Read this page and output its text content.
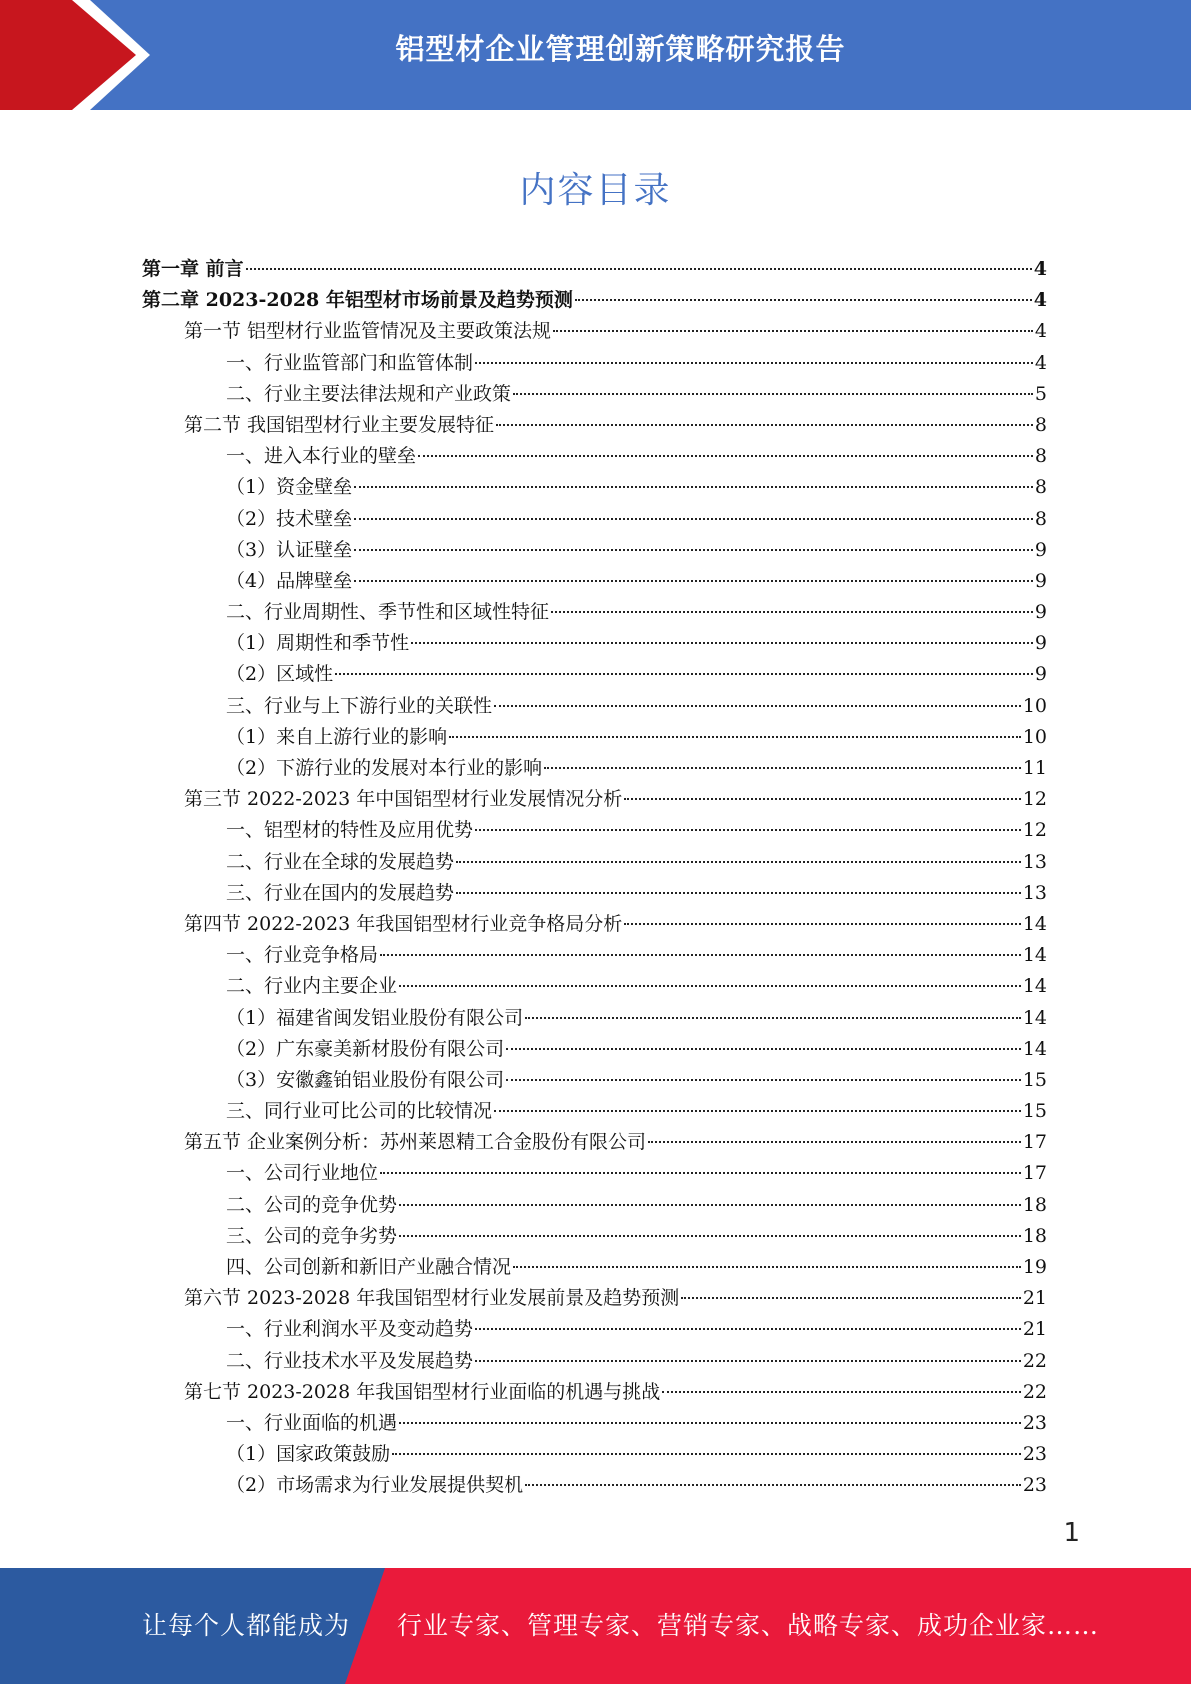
铝型材企业管理创新策略研究报告
内容目录
第一章 前言	4
第二章 2023-2028 年铝型材市场前景及趋势预测	4
第一节 铝型材行业监管情况及主要政策法规	4
一、行业监管部门和监管体制	4
二、行业主要法律法规和产业政策	5
第二节 我国铝型材行业主要发展特征	8
一、进入本行业的壁垒	8
（1）资金壁垒	8
（2）技术壁垒	8
（3）认证壁垒	9
（4）品牌壁垒	9
二、行业周期性、季节性和区域性特征	9
（1）周期性和季节性	9
（2）区域性	9
三、行业与上下游行业的关联性	10
（1）来自上游行业的影响	10
（2）下游行业的发展对本行业的影响	11
第三节 2022-2023 年中国铝型材行业发展情况分析	12
一、铝型材的特性及应用优势	12
二、行业在全球的发展趋势	13
三、行业在国内的发展趋势	13
第四节 2022-2023 年我国铝型材行业竞争格局分析	14
一、行业竞争格局	14
二、行业内主要企业	14
（1）福建省闽发铝业股份有限公司	14
（2）广东豪美新材股份有限公司	14
（3）安徽鑫铂铝业股份有限公司	15
三、同行业可比公司的比较情况	15
第五节 企业案例分析：苏州莱恩精工合金股份有限公司	17
一、公司行业地位	17
二、公司的竞争优势	18
三、公司的竞争劣势	18
四、公司创新和新旧产业融合情况	19
第六节 2023-2028 年我国铝型材行业发展前景及趋势预测	21
一、行业利润水平及变动趋势	21
二、行业技术水平及发展趋势	22
第七节 2023-2028 年我国铝型材行业面临的机遇与挑战	22
一、行业面临的机遇	23
（1）国家政策鼓励	23
（2）市场需求为行业发展提供契机	23
1
让每个人都能成为 行业专家、管理专家、营销专家、战略专家、成功企业家……
